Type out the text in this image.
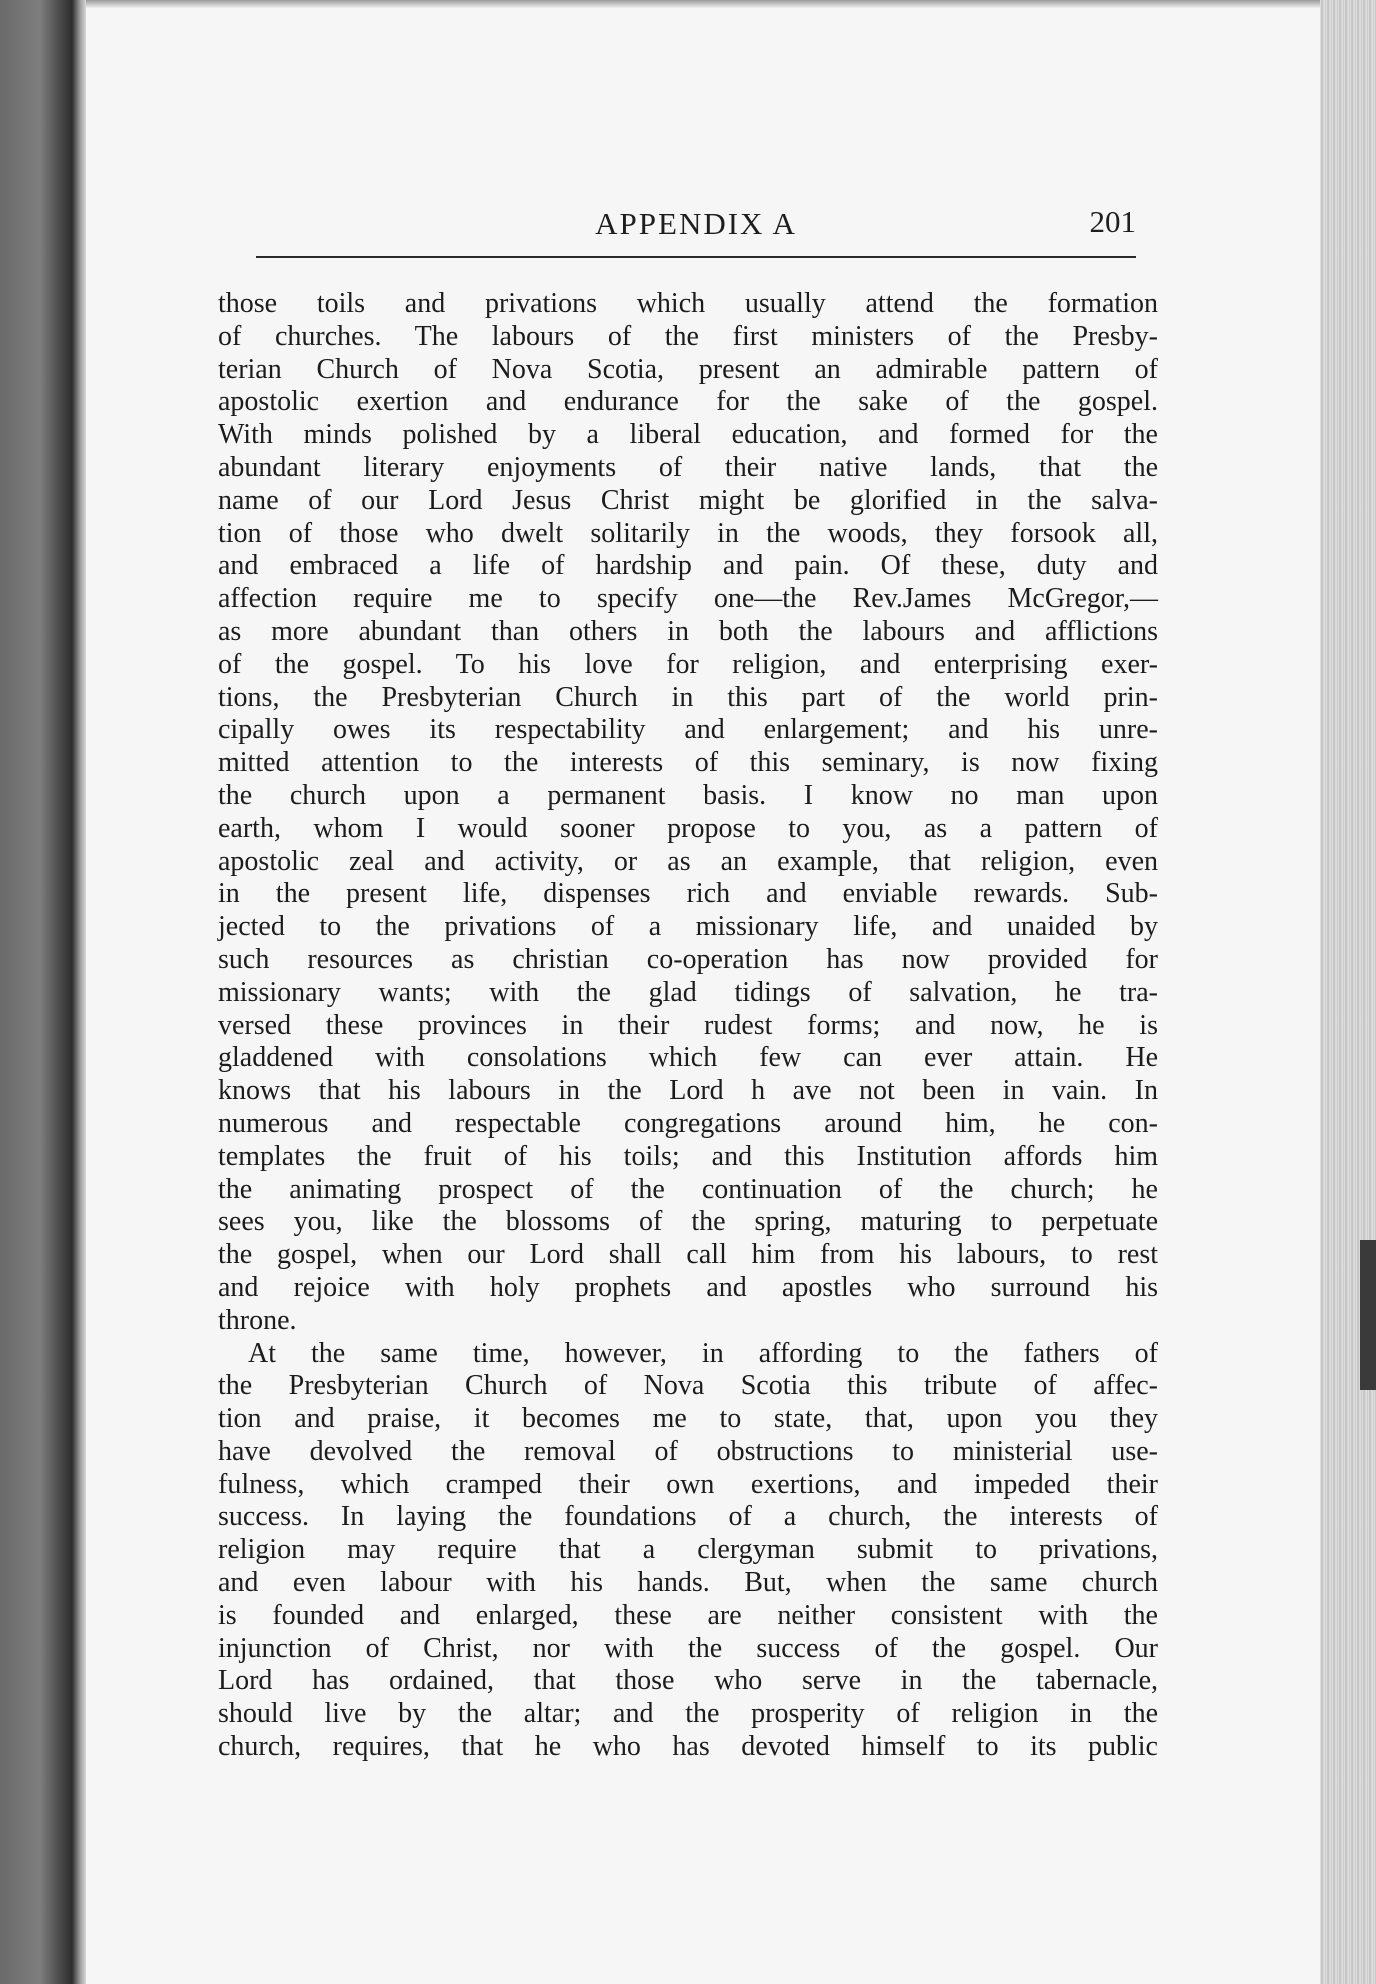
APPENDIX A	201
those toils and privations which usually attend the formation
of churches. The labours of the first ministers of the Presby-
terian Church of Nova Scotia, present an admirable pattern of
apostolic exertion and endurance for the sake of the gospel.
With minds polished by a liberal education, and formed for the
abundant literary enjoyments of their native lands, that the
name of our Lord Jesus Christ might be glorified in the salva-
tion of those who dwelt solitarily in the woods, they forsook all,
and embraced a life of hardship and pain. Of these, duty and
affection require me to specify one—the Rev.James McGregor,—
as more abundant than others in both the labours and afflictions
of the gospel. To his love for religion, and enterprising exer-
tions, the Presbyterian Church in this part of the world prin-
cipally owes its respectability and enlargement; and his unre-
mitted attention to the interests of this seminary, is now fixing
the church upon a permanent basis. I know no man upon
earth, whom I would sooner propose to you, as a pattern of
apostolic zeal and activity, or as an example, that religion, even
in the present life, dispenses rich and enviable rewards. Sub-
jected to the privations of a missionary life, and unaided by
such resources as christian co-operation has now provided for
missionary wants; with the glad tidings of salvation, he tra-
versed these provinces in their rudest forms; and now, he is
gladdened with consolations which few can ever attain. He
knows that his labours in the Lord h ave not been in vain. In
numerous and respectable congregations around him, he con-
templates the fruit of his toils; and this Institution affords him
the animating prospect of the continuation of the church; he
sees you, like the blossoms of the spring, maturing to perpetuate
the gospel, when our Lord shall call him from his labours, to rest
and rejoice with holy prophets and apostles who surround his
throne.
At the same time, however, in affording to the fathers of
the Presbyterian Church of Nova Scotia this tribute of affec-
tion and praise, it becomes me to state, that, upon you they
have devolved the removal of obstructions to ministerial use-
fulness, which cramped their own exertions, and impeded their
success. In laying the foundations of a church, the interests of
religion may require that a clergyman submit to privations,
and even labour with his hands. But, when the same church
is founded and enlarged, these are neither consistent with the
injunction of Christ, nor with the success of the gospel. Our
Lord has ordained, that those who serve in the tabernacle,
should live by the altar; and the prosperity of religion in the
church, requires, that he who has devoted himself to its public
